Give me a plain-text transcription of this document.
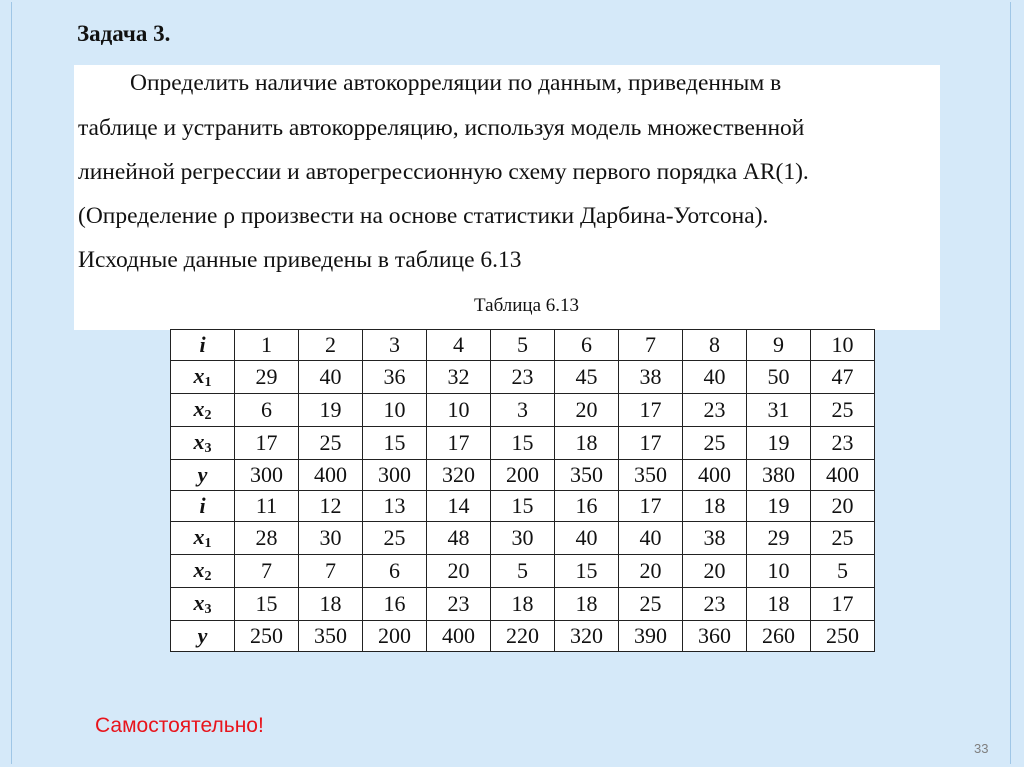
Задача 3.
Определить наличие автокорреляции по данным, приведенным в
таблице и устранить автокорреляцию, используя модель множественной
линейной регрессии и авторегрессионную схему первого порядка AR(1).
(Определение ρ произвести на основе статистики Дарбина-Уотсона).
Исходные данные приведены в таблице 6.13
Таблица 6.13
i	1	2	3	4	5	6	7	8	9	10
$x_1$	29	40	36	32	23	45	38	40	50	47
$x_2$	6	19	10	10	3	20	17	23	31	25
$x_3$	17	25	15	17	15	18	17	25	19	23
y	300	400	300	320	200	350	350	400	380	400
i	11	12	13	14	15	16	17	18	19	20
$x_1$	28	30	25	48	30	40	40	38	29	25
$x_2$	7	7	6	20	5	15	20	20	10	5
$x_3$	15	18	16	23	18	18	25	23	18	17
y	250	350	200	400	220	320	390	360	260	250
Самостоятельно!
33
